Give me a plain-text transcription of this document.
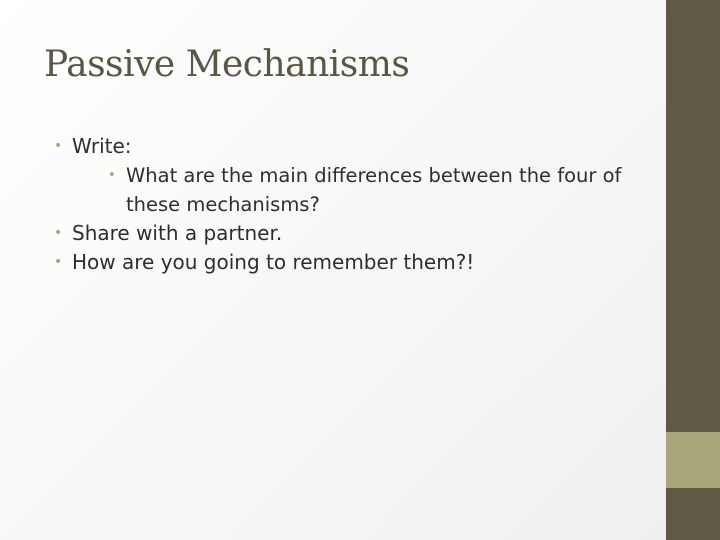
Passive Mechanisms
• Write:
• What are the main differences between the four of these mechanisms?
• Share with a partner.
• How are you going to remember them?!
